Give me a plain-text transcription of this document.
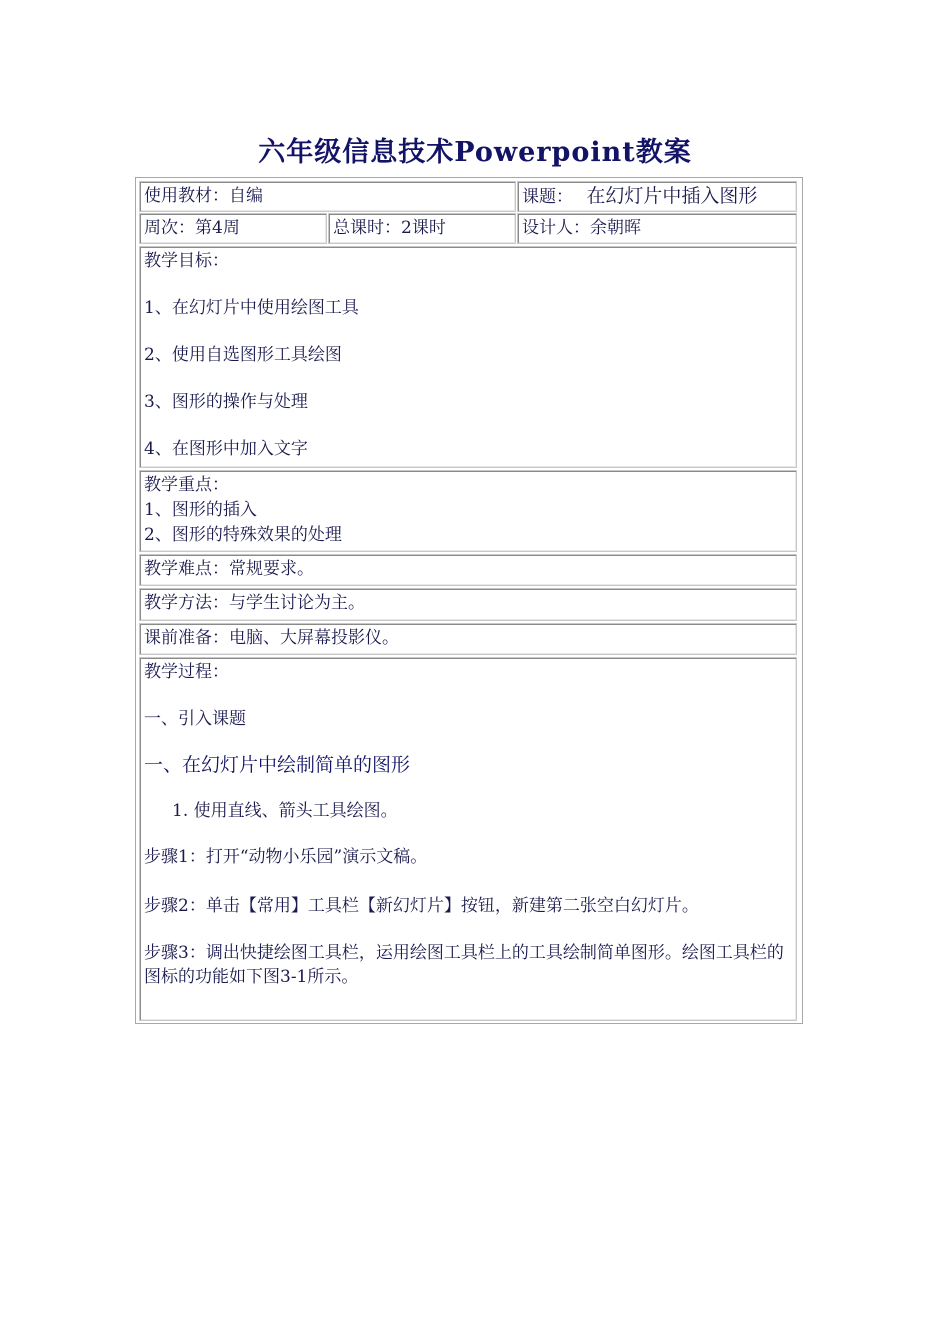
六年级信息技术Powerpoint教案
使用教材：自编	课题： 在幻灯片中插入图形
周次：第4周	总课时：2课时	设计人：余朝晖

教学目标：

1、在幻灯片中使用绘图工具

2、使用自选图形工具绘图

3、图形的操作与处理

4、在图形中加入文字

教学重点：

1、图形的插入

2、图形的特殊效果的处理

教学难点：常规要求。
教学方法：与学生讨论为主。
课前准备：电脑、大屏幕投影仪。

教学过程：

一、引入课题

一、在幻灯片中绘制简单的图形

1. 使用直线、箭头工具绘图。

步骤1：打开“动物小乐园”演示文稿。

步骤2：单击【常用】工具栏【新幻灯片】按钮，新建第二张空白幻灯片。

步骤3：调出快捷绘图工具栏，运用绘图工具栏上的工具绘制简单图形。绘图工具栏的图标的功能如下图3-1所示。
